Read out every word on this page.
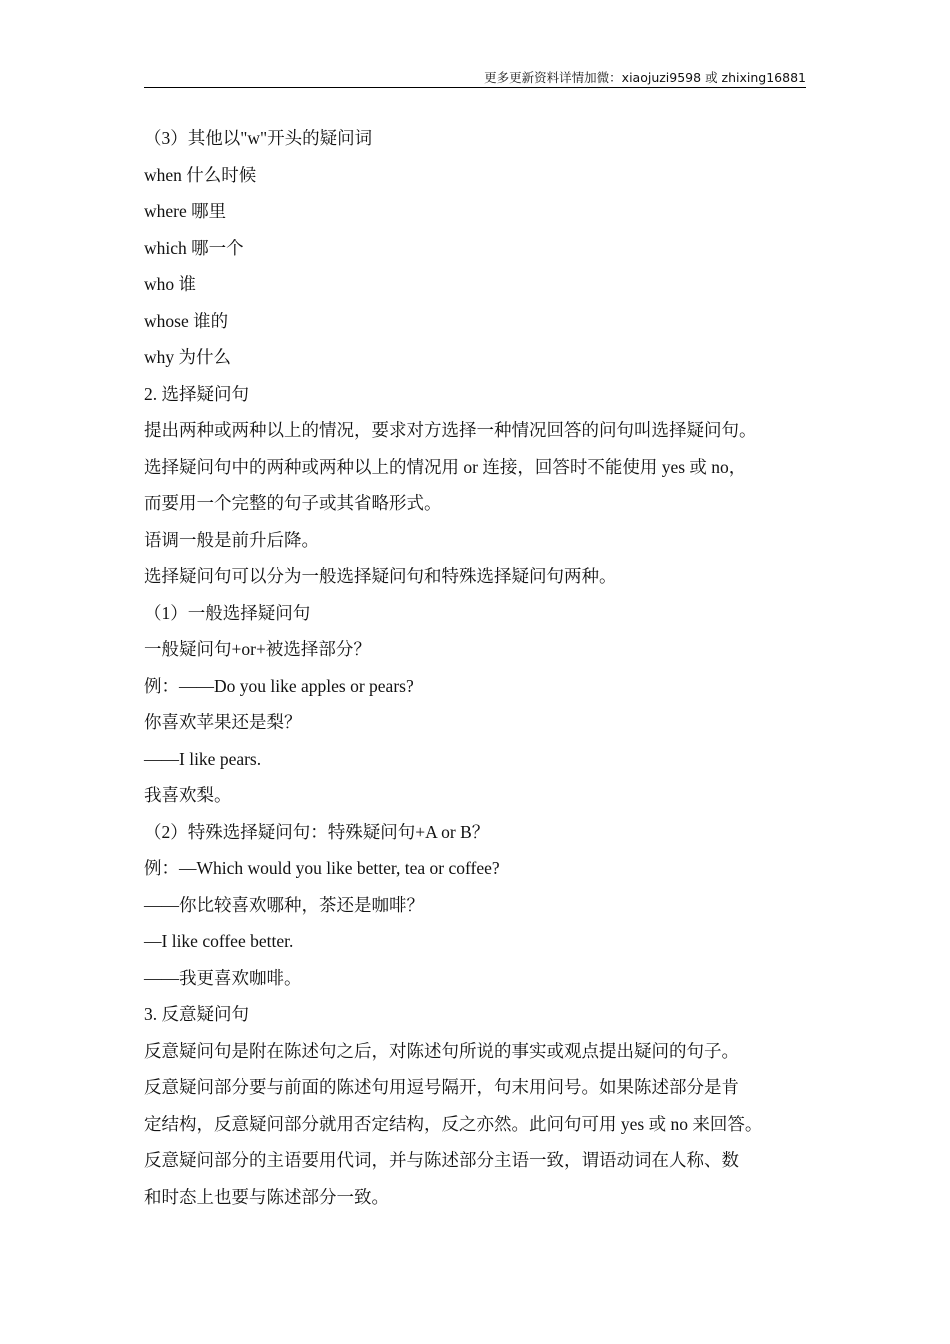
更多更新资料详情加微：xiaojuzi9598 或 zhixing16881
（3）其他以"w"开头的疑问词
when 什么时候
where 哪里
which 哪一个
who 谁
whose 谁的
why 为什么
2. 选择疑问句
提出两种或两种以上的情况，要求对方选择一种情况回答的问句叫选择疑问句。
选择疑问句中的两种或两种以上的情况用 or 连接，回答时不能使用 yes 或 no，
而要用一个完整的句子或其省略形式。
语调一般是前升后降。
选择疑问句可以分为一般选择疑问句和特殊选择疑问句两种。
（1）一般选择疑问句
一般疑问句+or+被选择部分？
例：——Do you like apples or pears?
你喜欢苹果还是梨？
——I like pears.
我喜欢梨。
（2）特殊选择疑问句：特殊疑问句+A or B？
例：—Which would you like better, tea or coffee?
——你比较喜欢哪种，茶还是咖啡？
—I like coffee better.
——我更喜欢咖啡。
3. 反意疑问句
反意疑问句是附在陈述句之后，对陈述句所说的事实或观点提出疑问的句子。
反意疑问部分要与前面的陈述句用逗号隔开，句末用问号。如果陈述部分是肯
定结构，反意疑问部分就用否定结构，反之亦然。此问句可用 yes 或 no 来回答。
反意疑问部分的主语要用代词，并与陈述部分主语一致，谓语动词在人称、数
和时态上也要与陈述部分一致。
